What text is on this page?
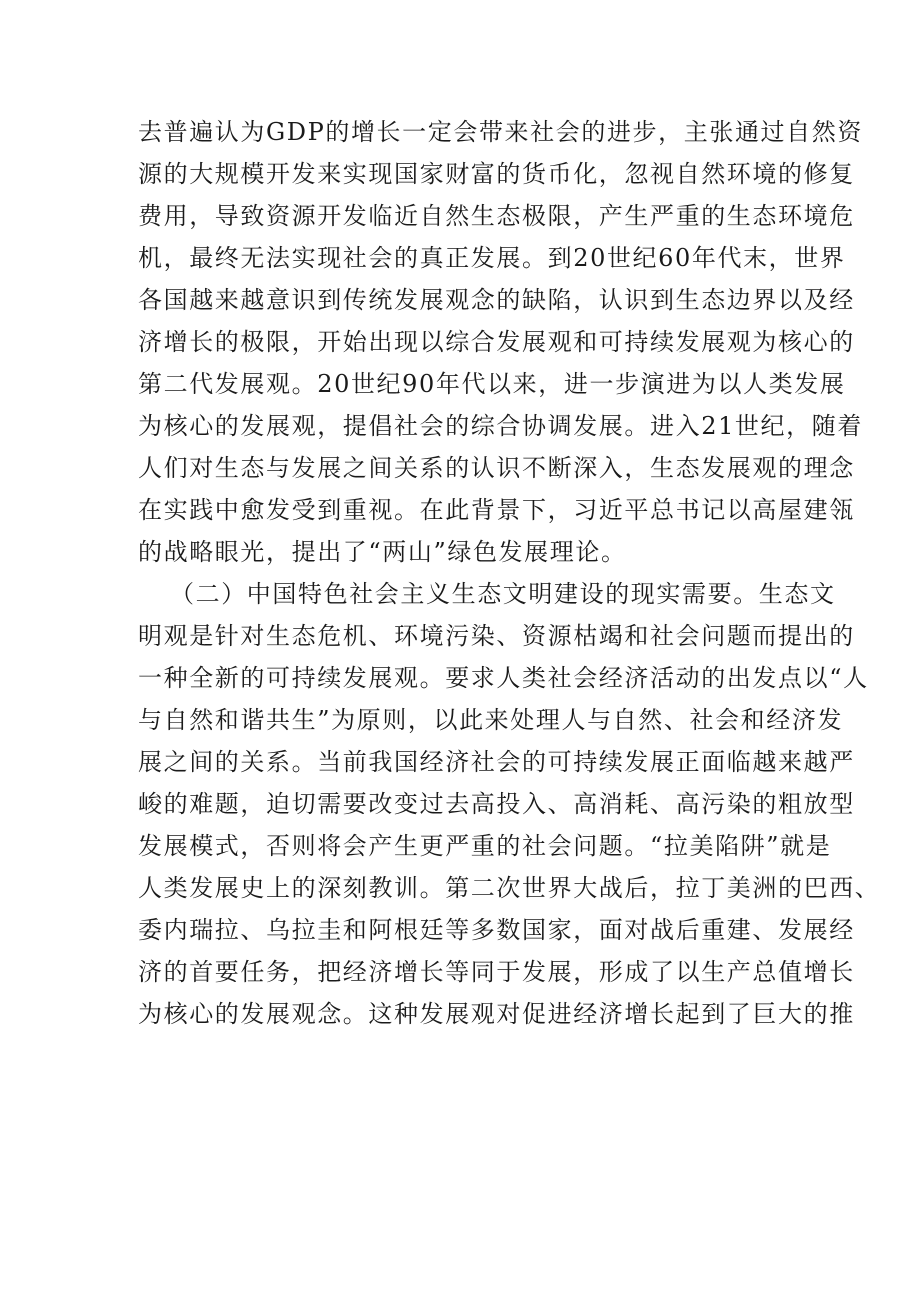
去普遍认为GDP的增长一定会带来社会的进步，主张通过自然资
源的大规模开发来实现国家财富的货币化，忽视自然环境的修复
费用，导致资源开发临近自然生态极限，产生严重的生态环境危
机，最终无法实现社会的真正发展。到20世纪60年代末，世界
各国越来越意识到传统发展观念的缺陷，认识到生态边界以及经
济增长的极限，开始出现以综合发展观和可持续发展观为核心的
第二代发展观。20世纪90年代以来，进一步演进为以人类发展
为核心的发展观，提倡社会的综合协调发展。进入21世纪，随着
人们对生态与发展之间关系的认识不断深入，生态发展观的理念
在实践中愈发受到重视。在此背景下，习近平总书记以高屋建瓴
的战略眼光，提出了“两山”绿色发展理论。
（二）中国特色社会主义生态文明建设的现实需要。生态文
明观是针对生态危机、环境污染、资源枯竭和社会问题而提出的
一种全新的可持续发展观。要求人类社会经济活动的出发点以“人
与自然和谐共生”为原则，以此来处理人与自然、社会和经济发
展之间的关系。当前我国经济社会的可持续发展正面临越来越严
峻的难题，迫切需要改变过去高投入、高消耗、高污染的粗放型
发展模式，否则将会产生更严重的社会问题。“拉美陷阱”就是
人类发展史上的深刻教训。第二次世界大战后，拉丁美洲的巴西、
委内瑞拉、乌拉圭和阿根廷等多数国家，面对战后重建、发展经
济的首要任务，把经济增长等同于发展，形成了以生产总值增长
为核心的发展观念。这种发展观对促进经济增长起到了巨大的推
